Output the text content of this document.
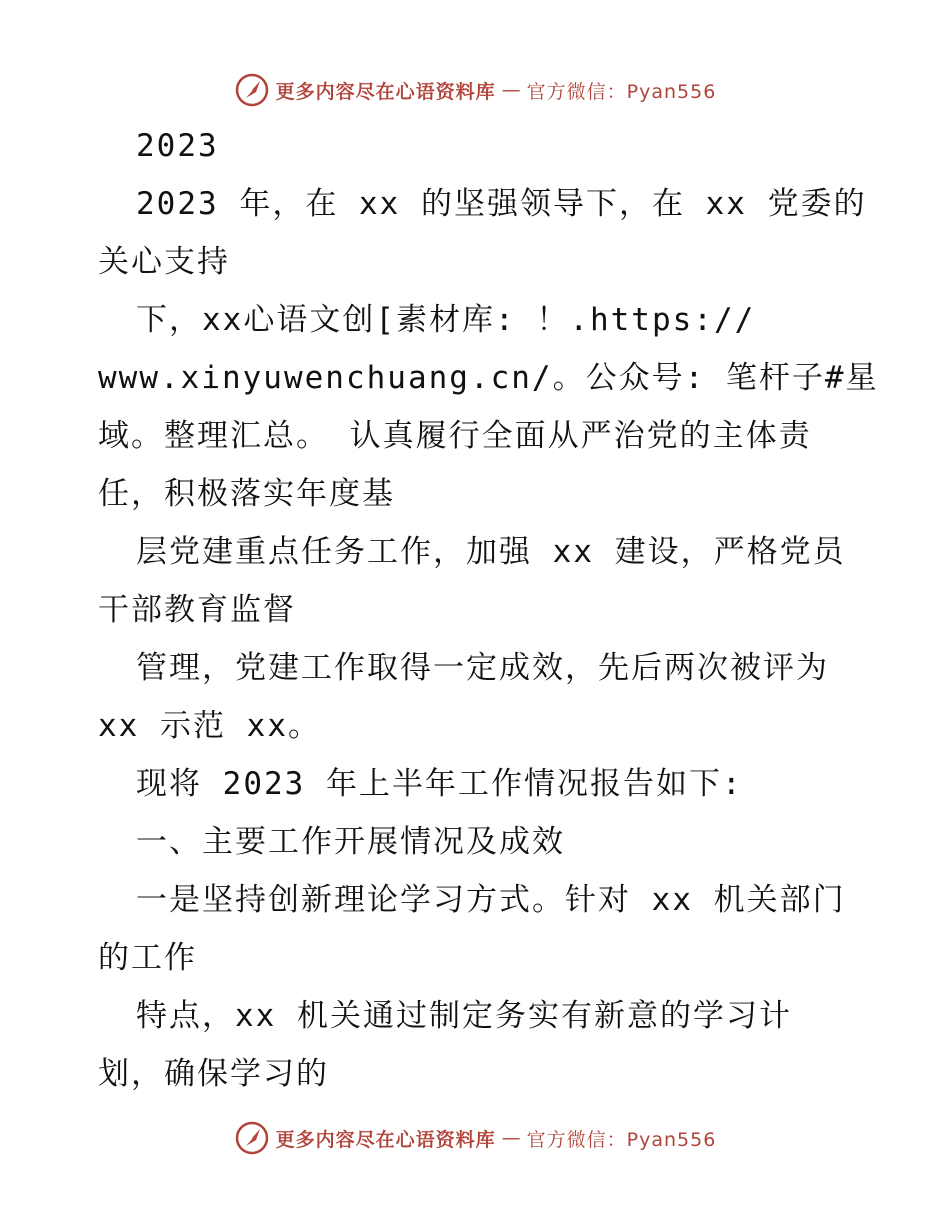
更多内容尽在心语资料库 — 官方微信：Pyan556
2023
2023 年，在 xx 的坚强领导下，在 xx 党委的
关心支持
下，xx心语文创[素材库: ！.https://
www.xinyuwenchuang.cn/。公众号: 笔杆子#星
域。整理汇总。 认真履行全面从严治党的主体责
任，积极落实年度基
层党建重点任务工作，加强 xx 建设，严格党员
干部教育监督
管理，党建工作取得一定成效，先后两次被评为
xx 示范 xx。
现将 2023 年上半年工作情况报告如下:
一、主要工作开展情况及成效
一是坚持创新理论学习方式。针对 xx 机关部门
的工作
特点，xx 机关通过制定务实有新意的学习计
划，确保学习的
更多内容尽在心语资料库 — 官方微信：Pyan556
